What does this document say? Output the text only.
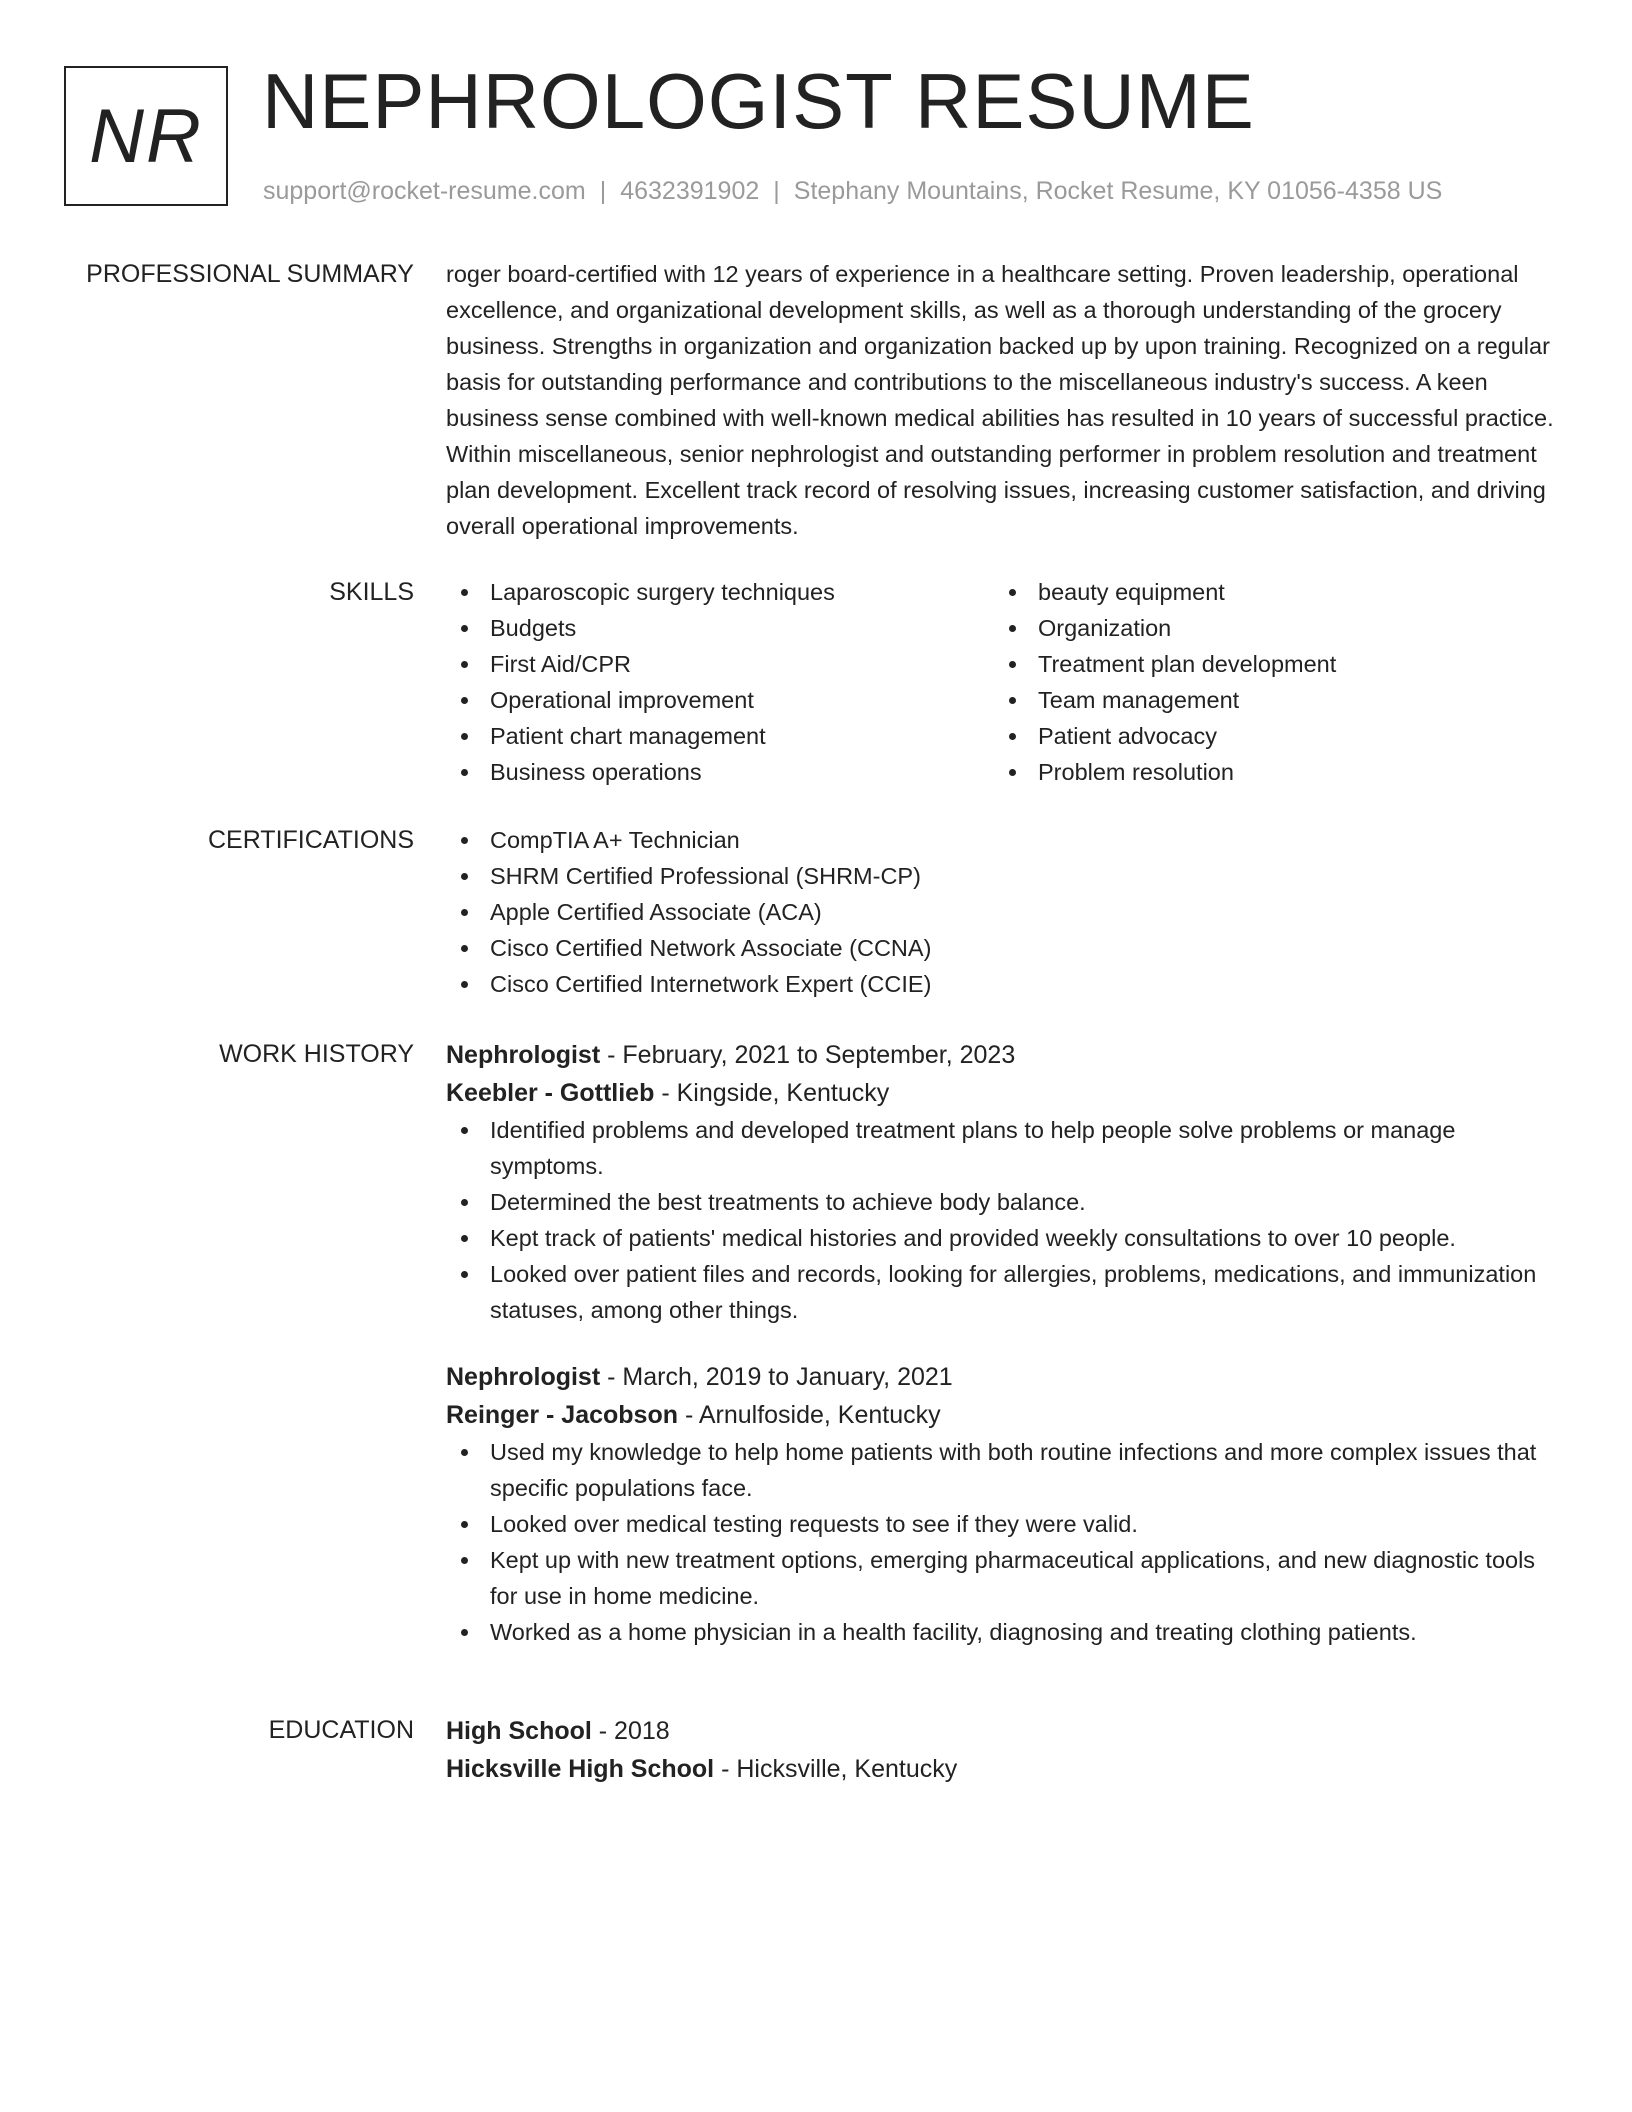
NR NEPHROLOGIST RESUME
support@rocket-resume.com | 4632391902 | Stephany Mountains, Rocket Resume, KY 01056-4358 US
PROFESSIONAL SUMMARY roger board-certified with 12 years of experience in a healthcare setting. Proven leadership, operational excellence, and organizational development skills, as well as a thorough understanding of the grocery business. Strengths in organization and organization backed up by upon training. Recognized on a regular basis for outstanding performance and contributions to the miscellaneous industry's success. A keen business sense combined with well-known medical abilities has resulted in 10 years of successful practice. Within miscellaneous, senior nephrologist and outstanding performer in problem resolution and treatment plan development. Excellent track record of resolving issues, increasing customer satisfaction, and driving overall operational improvements.

SKILLS	Laparoscopic surgery techniques
Budgets
First Aid/CPR
Operational improvement
Patient chart management
Business operations
beauty equipment
Organization
Treatment plan development
Team management
Patient advocacy
Problem resolution
CERTIFICATIONS	CompTIA A+ Technician
SHRM Certified Professional (SHRM-CP)
Apple Certified Associate (ACA)
Cisco Certified Network Associate (CCNA)
Cisco Certified Internetwork Expert (CCIE)
WORK HISTORY Nephrologist - February, 2021 to September, 2023
Keebler - Gottlieb - Kingside, Kentucky
Identified problems and developed treatment plans to help people solve problems or manage symptoms.
Determined the best treatments to achieve body balance.
Kept track of patients' medical histories and provided weekly consultations to over 10 people.
Looked over patient files and records, looking for allergies, problems, medications, and immunization statuses, among other things.
Nephrologist - March, 2019 to January, 2021
Reinger - Jacobson - Arnulfoside, Kentucky
Used my knowledge to help home patients with both routine infections and more complex issues that specific populations face.
Looked over medical testing requests to see if they were valid.
Kept up with new treatment options, emerging pharmaceutical applications, and new diagnostic tools for use in home medicine.
Worked as a home physician in a health facility, diagnosing and treating clothing patients.
EDUCATION High School - 2018
Hicksville High School - Hicksville, Kentucky
